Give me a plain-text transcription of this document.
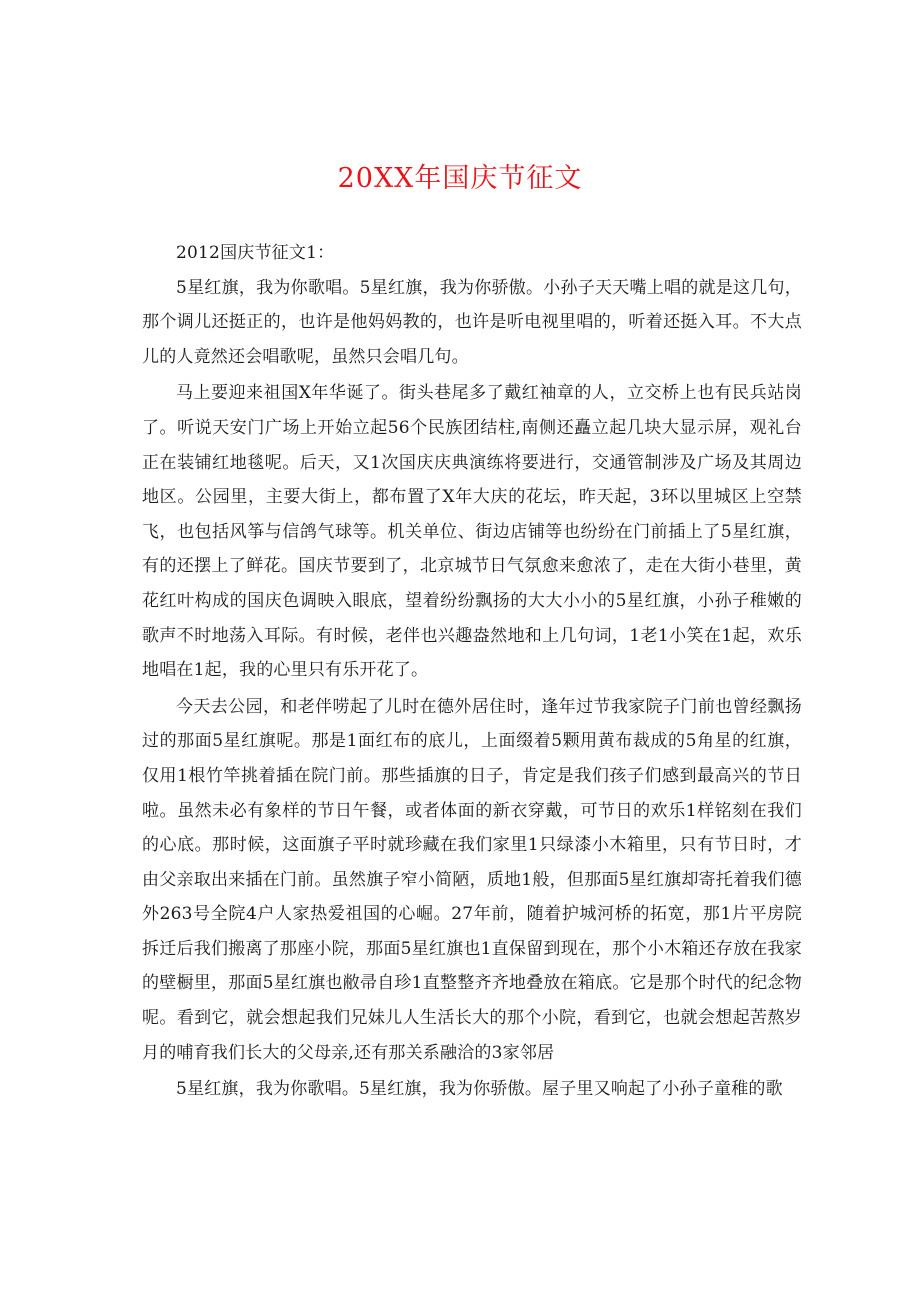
20XX年国庆节征文

2012国庆节征文1：

5星红旗，我为你歌唱。5星红旗，我为你骄傲。小孙子天天嘴上唱的就是这几句，那个调儿还挺正的，也许是他妈妈教的，也许是听电视里唱的，听着还挺入耳。不大点儿的人竟然还会唱歌呢，虽然只会唱几句。

马上要迎来祖国X年华诞了。街头巷尾多了戴红袖章的人，立交桥上也有民兵站岗了。听说天安门广场上开始立起56个民族团结柱,南侧还矗立起几块大显示屏，观礼台正在装铺红地毯呢。后天，又1次国庆庆典演练将要进行，交通管制涉及广场及其周边地区。公园里，主要大街上，都布置了X年大庆的花坛，昨天起，3环以里城区上空禁飞，也包括风筝与信鸽气球等。机关单位、街边店铺等也纷纷在门前插上了5星红旗，有的还摆上了鲜花。国庆节要到了，北京城节日气氛愈来愈浓了，走在大街小巷里，黄花红叶构成的国庆色调映入眼底，望着纷纷飘扬的大大小小的5星红旗，小孙子稚嫩的歌声不时地荡入耳际。有时候，老伴也兴趣盎然地和上几句词，1老1小笑在1起，欢乐地唱在1起，我的心里只有乐开花了。

今天去公园，和老伴唠起了儿时在德外居住时，逢年过节我家院子门前也曾经飘扬过的那面5星红旗呢。那是1面红布的底儿，上面缀着5颗用黄布裁成的5角星的红旗，仅用1根竹竿挑着插在院门前。那些插旗的日子，肯定是我们孩子们感到最高兴的节日啦。虽然未必有象样的节日午餐，或者体面的新衣穿戴，可节日的欢乐1样铭刻在我们的心底。那时候，这面旗子平时就珍藏在我们家里1只绿漆小木箱里，只有节日时，才由父亲取出来插在门前。虽然旗子窄小简陋，质地1般，但那面5星红旗却寄托着我们德外263号全院4户人家热爱祖国的心崛。27年前，随着护城河桥的拓宽，那1片平房院拆迁后我们搬离了那座小院，那面5星红旗也1直保留到现在，那个小木箱还存放在我家的壁橱里，那面5星红旗也敝帚自珍1直整整齐齐地叠放在箱底。它是那个时代的纪念物呢。看到它，就会想起我们兄妹儿人生活长大的那个小院，看到它，也就会想起苦熬岁月的哺育我们长大的父母亲,还有那关系融洽的3家邻居

5星红旗，我为你歌唱。5星红旗，我为你骄傲。屋子里又响起了小孙子童稚的歌
